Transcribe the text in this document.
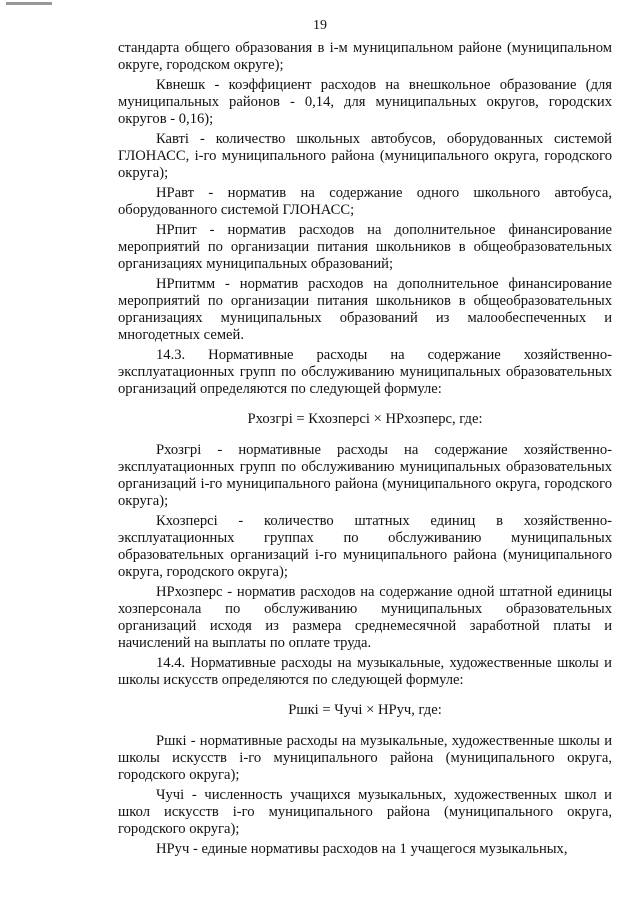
19

стандарта общего образования в i-м муниципальном районе (муниципальном округе, городском округе);

Квнешк - коэффициент расходов на внешкольное образование (для муниципальных районов - 0,14, для муниципальных округов, городских округов - 0,16);

Кавтi - количество школьных автобусов, оборудованных системой ГЛОНАСС, i-го муниципального района (муниципального округа, городского округа);

НРавт - норматив на содержание одного школьного автобуса, оборудованного системой ГЛОНАСС;

НРпит - норматив расходов на дополнительное финансирование мероприятий по организации питания школьников в общеобразовательных организациях муниципальных образований;

НРпитмм - норматив расходов на дополнительное финансирование мероприятий по организации питания школьников в общеобразовательных организациях муниципальных образований из малообеспеченных и многодетных семей.

14.3. Нормативные расходы на содержание хозяйственно-эксплуатационных групп по обслуживанию муниципальных образовательных организаций определяются по следующей формуле:

Рхозгрi = Кхозперсi × НРхозперс, где:

Рхозгрi - нормативные расходы на содержание хозяйственно-эксплуатационных групп по обслуживанию муниципальных образовательных организаций i-го муниципального района (муниципального округа, городского округа);

Кхозперсi - количество штатных единиц в хозяйственно-эксплуатационных группах по обслуживанию муниципальных образовательных организаций i-го муниципального района (муниципального округа, городского округа);

НРхозперс - норматив расходов на содержание одной штатной единицы хозперсонала по обслуживанию муниципальных образовательных организаций исходя из размера среднемесячной заработной платы и начислений на выплаты по оплате труда.

14.4. Нормативные расходы на музыкальные, художественные школы и школы искусств определяются по следующей формуле:

Ршкi = Чучi × НРуч, где:

Ршкi - нормативные расходы на музыкальные, художественные школы и школы искусств i-го муниципального района (муниципального округа, городского округа);

Чучi - численность учащихся музыкальных, художественных школ и школ искусств i-го муниципального района (муниципального округа, городского округа);

НРуч - единые нормативы расходов на 1 учащегося музыкальных,
